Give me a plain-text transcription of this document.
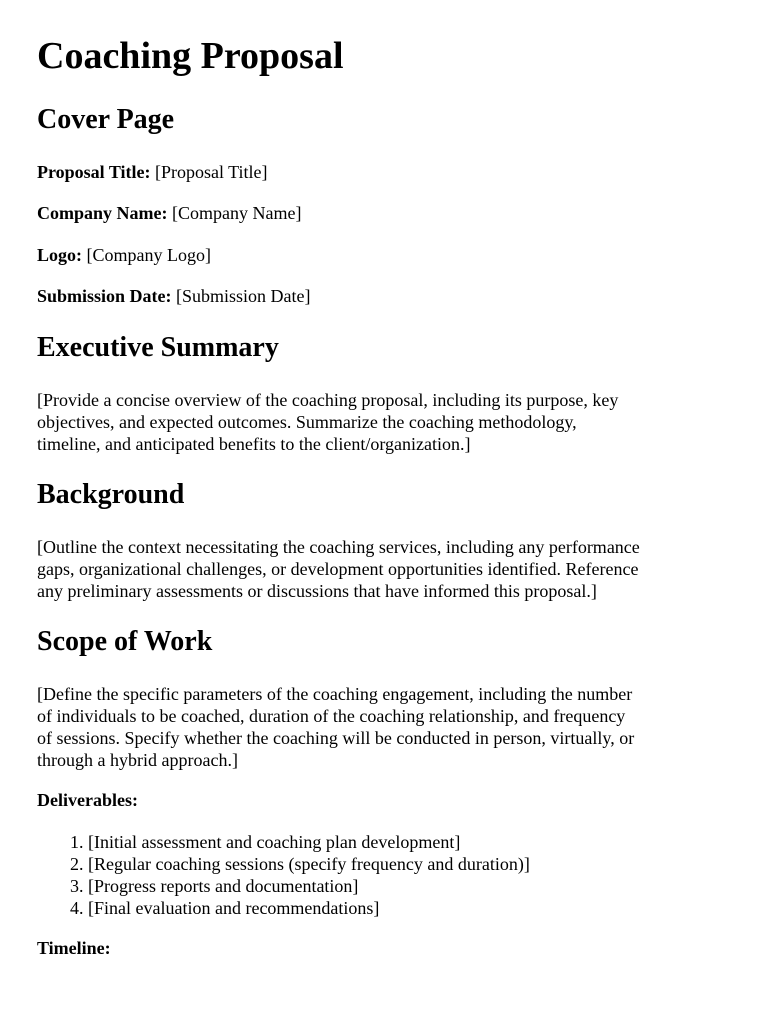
Coaching Proposal
Cover Page

Proposal Title: [Proposal Title]

Company Name: [Company Name]

Logo: [Company Logo]

Submission Date: [Submission Date]

Executive Summary

[Provide a concise overview of the coaching proposal, including its purpose, key
objectives, and expected outcomes. Summarize the coaching methodology,
timeline, and anticipated benefits to the client/organization.]

Background

[Outline the context necessitating the coaching services, including any performance
gaps, organizational challenges, or development opportunities identified. Reference
any preliminary assessments or discussions that have informed this proposal.]

Scope of Work

[Define the specific parameters of the coaching engagement, including the number
of individuals to be coached, duration of the coaching relationship, and frequency
of sessions. Specify whether the coaching will be conducted in person, virtually, or
through a hybrid approach.]

Deliverables:

1. [Initial assessment and coaching plan development]
2. [Regular coaching sessions (specify frequency and duration)]
3. [Progress reports and documentation]
4. [Final evaluation and recommendations]

Timeline:
